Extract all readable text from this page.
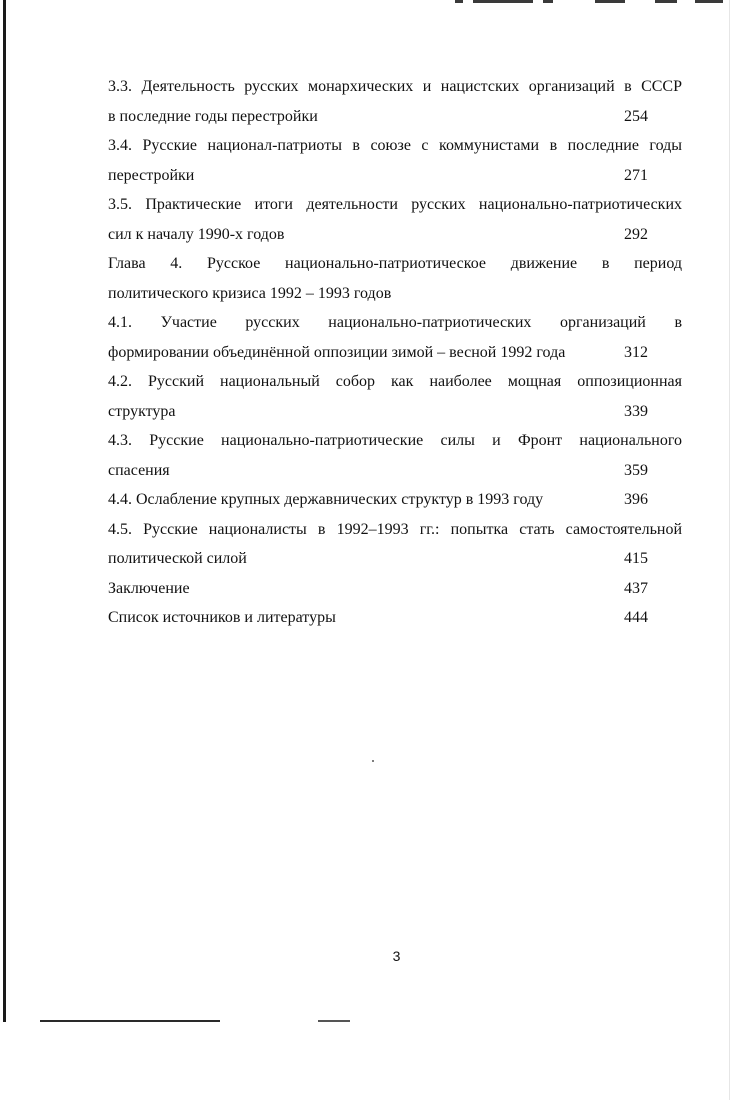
3.3. Деятельность русских монархических и нацистских организаций в СССР
в последние годы перестройки	254
3.4. Русские национал-патриоты в союзе с коммунистами в последние годы
перестройки	271
3.5. Практические итоги деятельности русских национально-патриотических
сил к началу 1990-х годов	292
Глава 4. Русское национально-патриотическое движение в период
политического кризиса 1992 – 1993 годов
4.1. Участие русских национально-патриотических организаций в
формировании объединённой оппозиции зимой – весной 1992 года	312
4.2. Русский национальный собор как наиболее мощная оппозиционная
структура	339
4.3. Русские национально-патриотические силы и Фронт национального
спасения	359
4.4. Ослабление крупных державнических структур в 1993 году	396
4.5. Русские националисты в 1992–1993 гг.: попытка стать самостоятельной
политической силой	415
Заключение	437
Список источников и литературы	444
3
